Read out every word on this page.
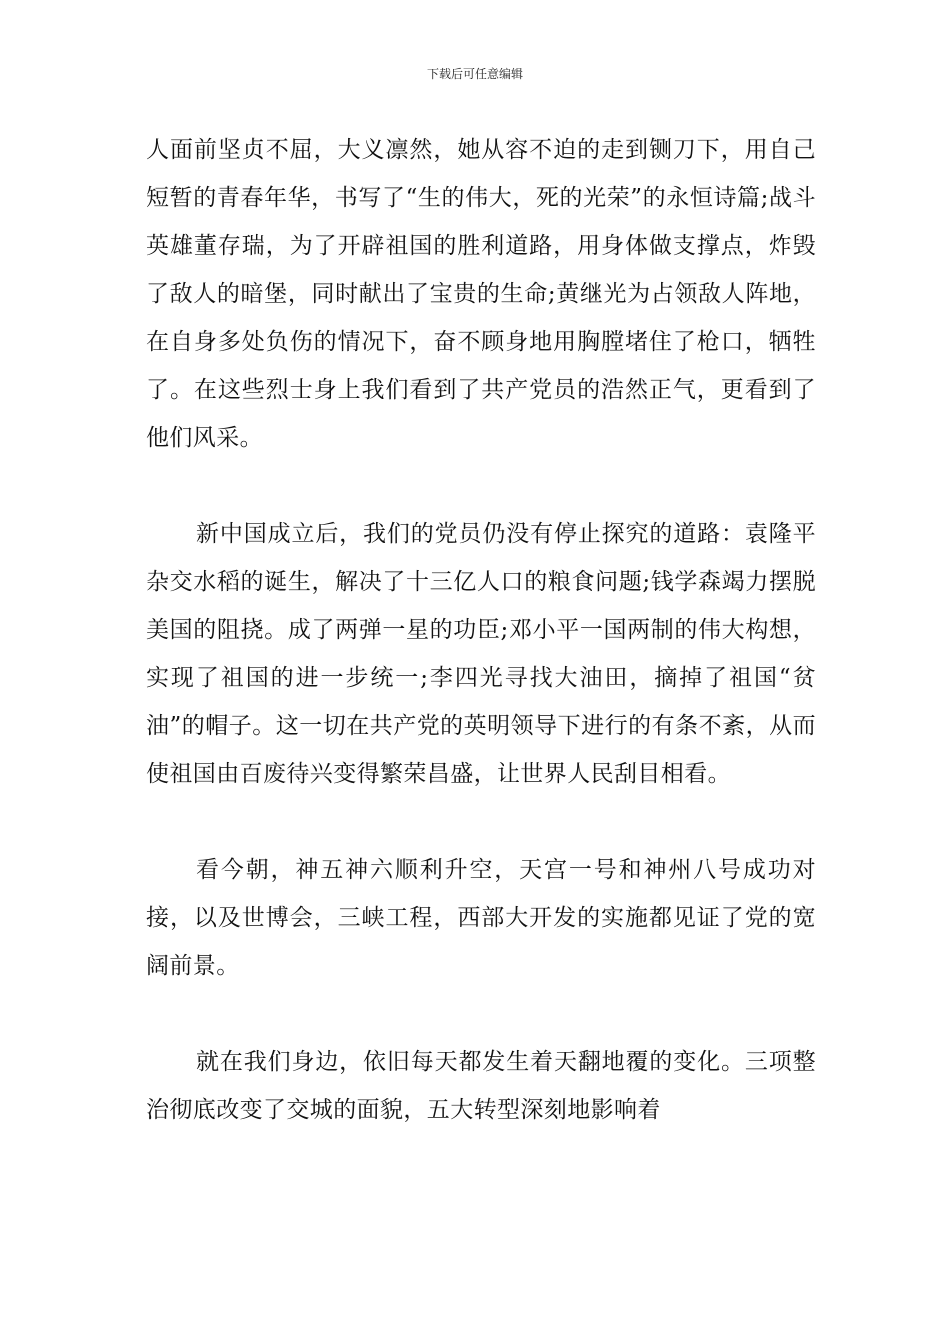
下载后可任意编辑

人面前坚贞不屈，大义凛然，她从容不迫的走到铡刀下，用自己短暂的青春年华，书写了“生的伟大，死的光荣”的永恒诗篇;战斗英雄董存瑞，为了开辟祖国的胜利道路，用身体做支撑点，炸毁了敌人的暗堡，同时献出了宝贵的生命;黄继光为占领敌人阵地，在自身多处负伤的情况下，奋不顾身地用胸膛堵住了枪口，牺牲了。在这些烈士身上我们看到了共产党员的浩然正气，更看到了他们风采。

新中国成立后，我们的党员仍没有停止探究的道路：袁隆平杂交水稻的诞生，解决了十三亿人口的粮食问题;钱学森竭力摆脱美国的阻挠。成了两弹一星的功臣;邓小平一国两制的伟大构想，实现了祖国的进一步统一;李四光寻找大油田，摘掉了祖国“贫油”的帽子。这一切在共产党的英明领导下进行的有条不紊，从而使祖国由百废待兴变得繁荣昌盛，让世界人民刮目相看。

看今朝，神五神六顺利升空，天宫一号和神州八号成功对接，以及世博会，三峡工程，西部大开发的实施都见证了党的宽阔前景。

就在我们身边，依旧每天都发生着天翻地覆的变化。三项整治彻底改变了交城的面貌，五大转型深刻地影响着
